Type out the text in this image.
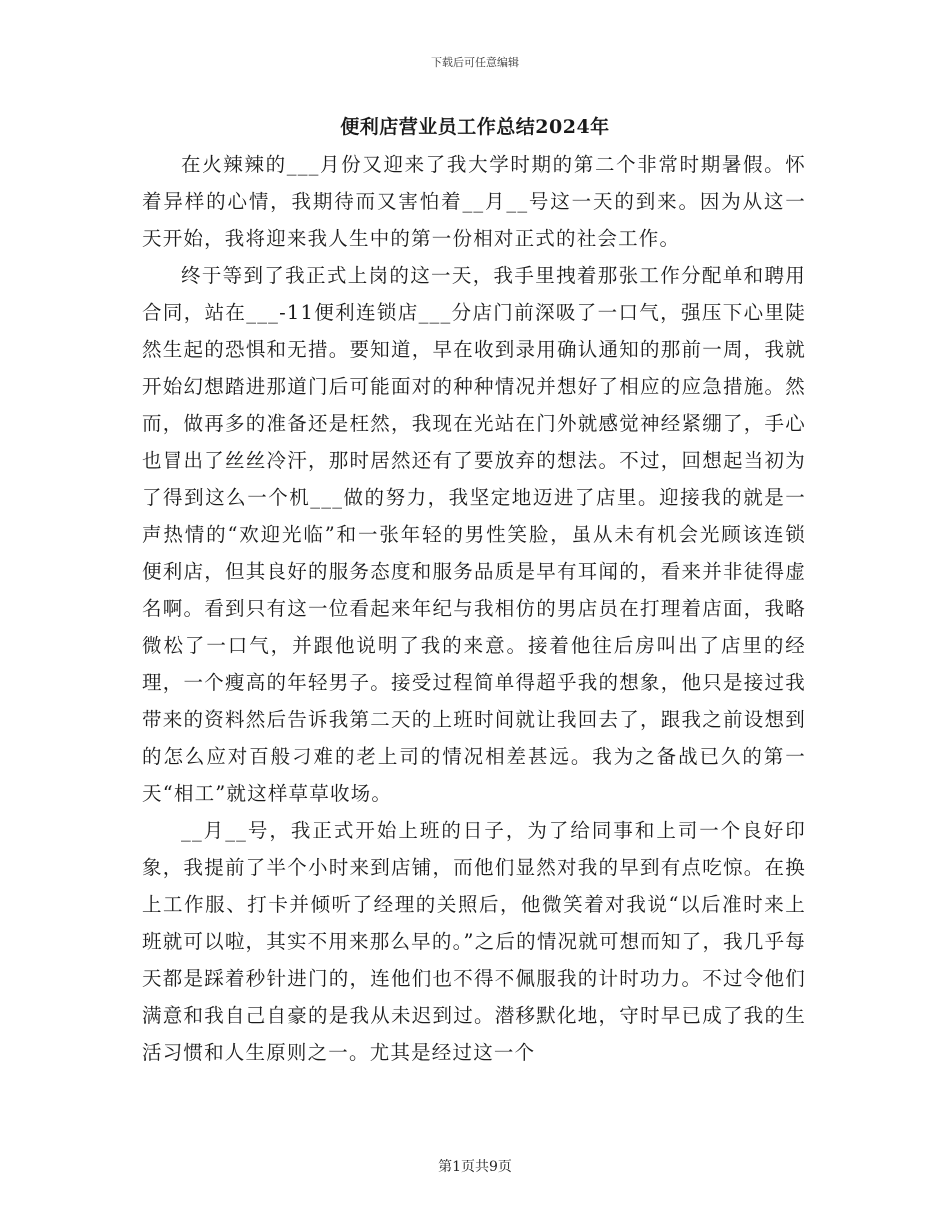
下载后可任意编辑
便利店营业员工作总结2024年

在火辣辣的___月份又迎来了我大学时期的第二个非常时期暑假。怀着异样的心情，我期待而又害怕着__月__号这一天的到来。因为从这一天开始，我将迎来我人生中的第一份相对正式的社会工作。

终于等到了我正式上岗的这一天，我手里拽着那张工作分配单和聘用合同，站在___-11便利连锁店___分店门前深吸了一口气，强压下心里陡然生起的恐惧和无措。要知道，早在收到录用确认通知的那前一周，我就开始幻想踏进那道门后可能面对的种种情况并想好了相应的应急措施。然而，做再多的准备还是枉然，我现在光站在门外就感觉神经紧绷了，手心也冒出了丝丝冷汗，那时居然还有了要放弃的想法。不过，回想起当初为了得到这么一个机___做的努力，我坚定地迈进了店里。迎接我的就是一声热情的“欢迎光临”和一张年轻的男性笑脸，虽从未有机会光顾该连锁便利店，但其良好的服务态度和服务品质是早有耳闻的，看来并非徒得虚名啊。看到只有这一位看起来年纪与我相仿的男店员在打理着店面，我略微松了一口气，并跟他说明了我的来意。接着他往后房叫出了店里的经理，一个瘦高的年轻男子。接受过程简单得超乎我的想象，他只是接过我带来的资料然后告诉我第二天的上班时间就让我回去了，跟我之前设想到的怎么应对百般刁难的老上司的情况相差甚远。我为之备战已久的第一天“相工”就这样草草收场。

__月__号，我正式开始上班的日子，为了给同事和上司一个良好印象，我提前了半个小时来到店铺，而他们显然对我的早到有点吃惊。在换上工作服、打卡并倾听了经理的关照后，他微笑着对我说“以后准时来上班就可以啦，其实不用来那么早的。”之后的情况就可想而知了，我几乎每天都是踩着秒针进门的，连他们也不得不佩服我的计时功力。不过令他们满意和我自己自豪的是我从未迟到过。潜移默化地，守时早已成了我的生活习惯和人生原则之一。尤其是经过这一个

第1页共9页
